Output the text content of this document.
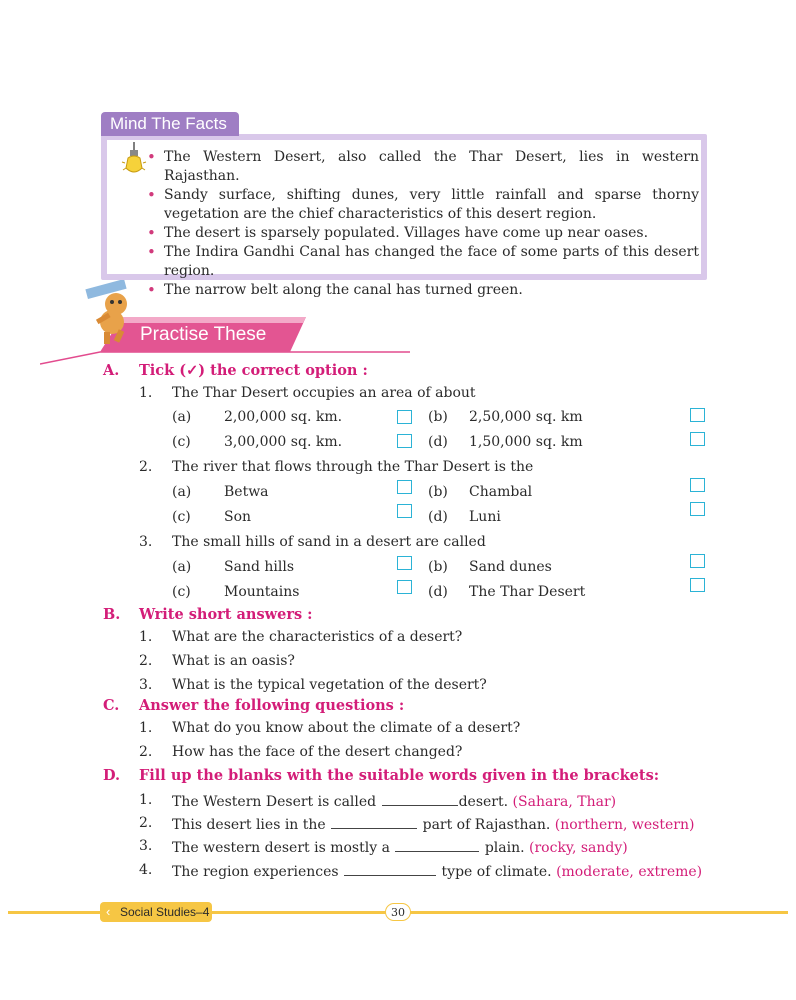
Mind The Facts
• The Western Desert, also called the Thar Desert, lies in western Rajasthan.
• Sandy surface, shifting dunes, very little rainfall and sparse thorny vegetation are the chief characteristics of this desert region.
• The desert is sparsely populated. Villages have come up near oases.
• The Indira Gandhi Canal has changed the face of some parts of this desert region.
• The narrow belt along the canal has turned green.
Practise These
A. Tick (✓) the correct option :
1. The Thar Desert occupies an area of about
(a) 2,00,000 sq. km.	(b) 2,50,000 sq. km
(c) 3,00,000 sq. km.	(d) 1,50,000 sq. km
2. The river that flows through the Thar Desert is the
(a) Betwa	(b) Chambal
(c) Son	(d) Luni
3. The small hills of sand in a desert are called
(a) Sand hills	(b) Sand dunes
(c) Mountains	(d) The Thar Desert
B. Write short answers :
1. What are the characteristics of a desert?
2. What is an oasis?
3. What is the typical vegetation of the desert?
C. Answer the following questions :
1. What do you know about the climate of a desert?
2. How has the face of the desert changed?
D. Fill up the blanks with the suitable words given in the brackets:
1. The Western Desert is called	desert. (Sahara, Thar)
2. This desert lies in the	part of Rajasthan. (northern, western)
3. The western desert is mostly a	plain. (rocky, sandy)
4. The region experiences	type of climate. (moderate, extreme)
Social Studies–4
‹	30
